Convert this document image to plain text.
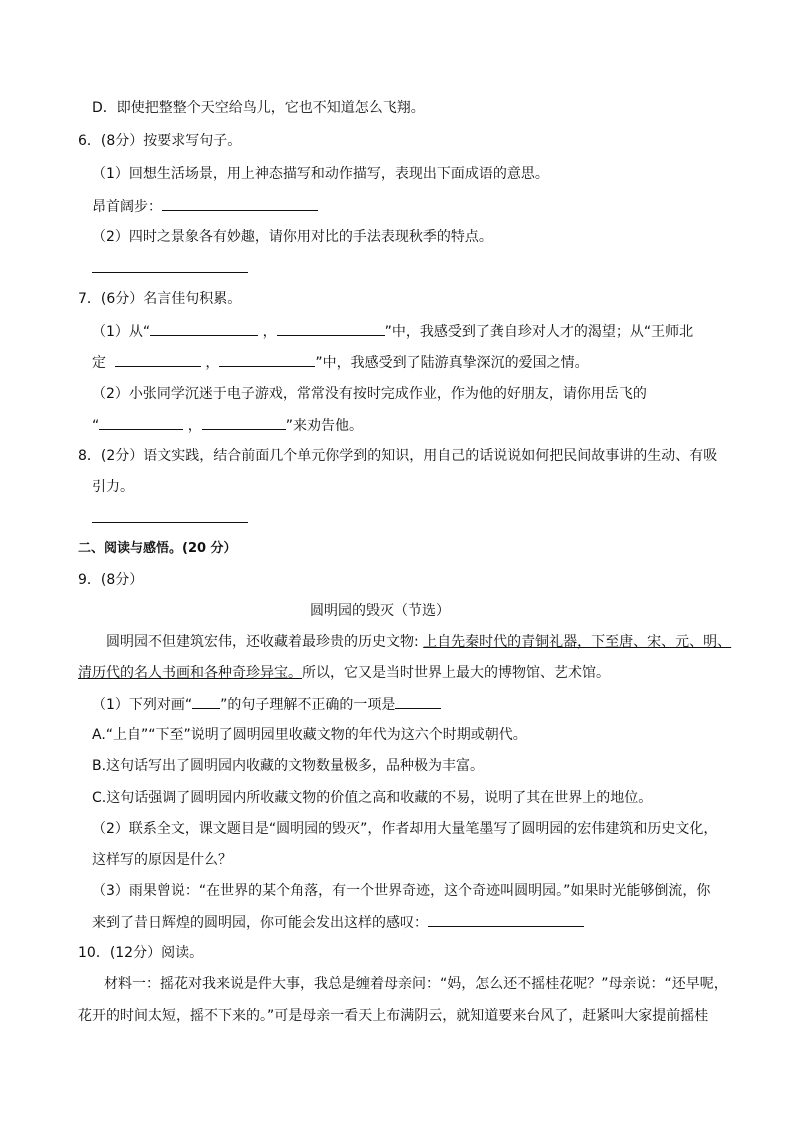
D．即使把整整个天空给鸟儿，它也不知道怎么飞翔。
6．(8分）按要求写句子。
（1）回想生活场景，用上神态描写和动作描写，表现出下面成语的意思。
昂首阔步：
（2）四时之景象各有妙趣，请你用对比的手法表现秋季的特点。
7．(6分）名言佳句积累。
（1）从“	，	”中，我感受到了龚自珍对人才的渴望；从“王师北
定	，	”中，我感受到了陆游真挚深沉的爱国之情。
（2）小张同学沉迷于电子游戏，常常没有按时完成作业，作为他的好朋友，请你用岳飞的
“	，	”来劝告他。
8．(2分）语文实践，结合前面几个单元你学到的知识，用自己的话说说如何把民间故事讲的生动、有吸
引力。
二、阅读与感悟。(20 分）
9．(8分）
圆明园的毁灭（节选）
圆明园不但建筑宏伟，还收藏着最珍贵的历史文物: 上自先秦时代的青铜礼器，下至唐、宋、元、明、
清历代的名人书画和各种奇珍异宝。所以，它又是当时世界上最大的博物馆、艺术馆。
（1）下列对画“ ”的句子理解不正确的一项是
A.“上自”“下至”说明了圆明园里收藏文物的年代为这六个时期或朝代。
B.这句话写出了圆明园内收藏的文物数量极多，品种极为丰富。
C.这句话强调了圆明园内所收藏文物的价值之高和收藏的不易，说明了其在世界上的地位。
（2）联系全文，课文题目是“圆明园的毁灭”，作者却用大量笔墨写了圆明园的宏伟建筑和历史文化，
这样写的原因是什么？
（3）雨果曾说：“在世界的某个角落，有一个世界奇迹，这个奇迹叫圆明园。”如果时光能够倒流，你
来到了昔日辉煌的圆明园，你可能会发出这样的感叹：
10．(12分）阅读。
材料一：摇花对我来说是件大事，我总是缠着母亲问：“妈，怎么还不摇桂花呢？”母亲说：“还早呢，
花开的时间太短，摇不下来的。”可是母亲一看天上布满阴云，就知道要来台风了，赶紧叫大家提前摇桂
